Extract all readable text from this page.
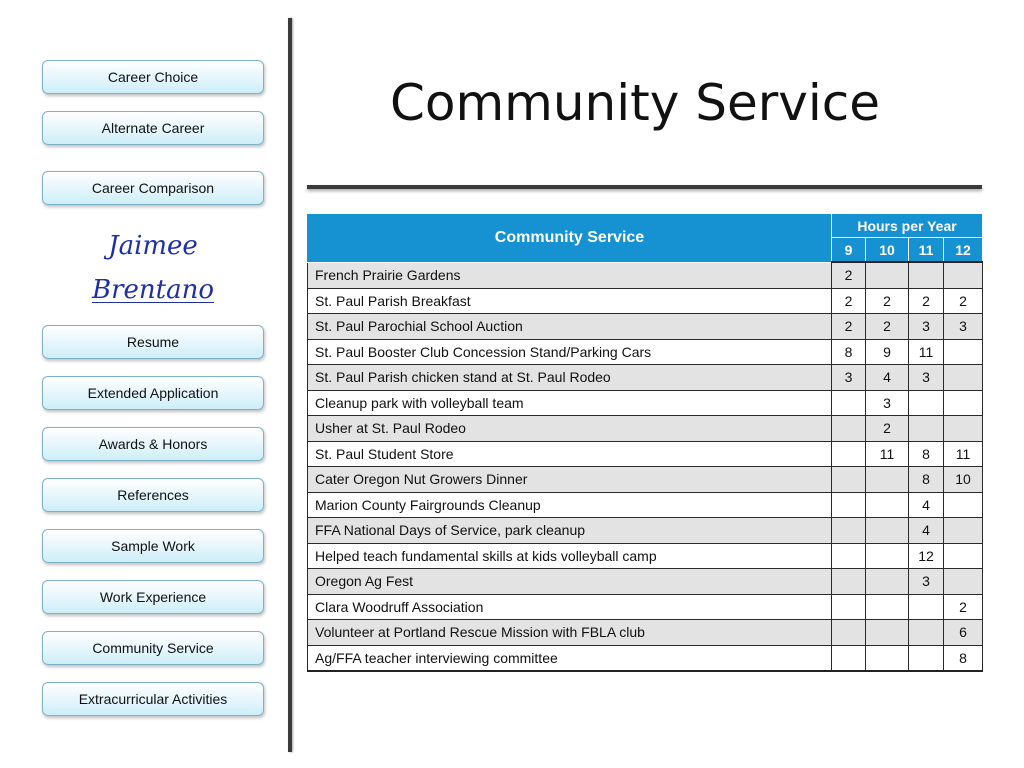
Career Choice
Alternate Career
Career Comparison
Jaimee
Brentano
Resume
Extended Application
Awards & Honors
References
Sample Work
Work Experience
Community Service
Extracurricular Activities
Community Service
Community Service	Hours per Year			
	9	10	11	12
French Prairie Gardens	2			
St. Paul Parish Breakfast	2	2	2	2
St. Paul Parochial School Auction	2	2	3	3
St. Paul Booster Club Concession Stand/Parking Cars	8	9	11	
St. Paul Parish chicken stand at St. Paul Rodeo	3	4	3	
Cleanup park with volleyball team		3		
Usher at St. Paul Rodeo		2		
St. Paul Student Store		11	8	11
Cater Oregon Nut Growers Dinner			8	10
Marion County Fairgrounds Cleanup			4	
FFA National Days of Service, park cleanup			4	
Helped teach fundamental skills at kids volleyball camp			12	
Oregon Ag Fest			3	
Clara Woodruff Association				2
Volunteer at Portland Rescue Mission with FBLA club				6
Ag/FFA teacher interviewing committee				8
